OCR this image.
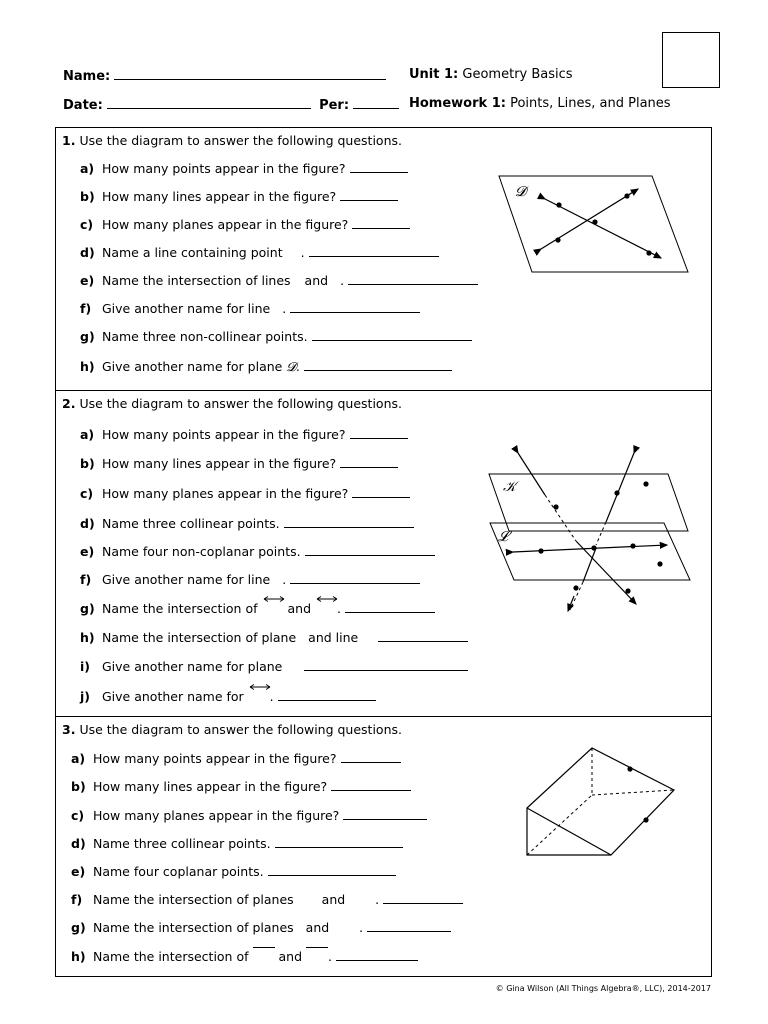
Name:
Date:	Per:
Unit 1: Geometry Basics
Homework 1: Points, Lines, and Planes
1. Use the diagram to answer the following questions.
a) How many points appear in the figure?
b) How many lines appear in the figure?
c) How many planes appear in the figure?
d) Name a line containing point .
e) Name the intersection of lines and .
f) Give another name for line .
g) Name three non-collinear points.
h) Give another name for plane 𝓓.
𝓓
2. Use the diagram to answer the following questions.
a) How many points appear in the figure?
b) How many lines appear in the figure?
c) How many planes appear in the figure?
d) Name three collinear points.
e) Name four non-coplanar points.
f) Give another name for line .
g) Name the intersection of and .
h) Name the intersection of plane and line
i) Give another name for plane
j) Give another name for .
𝒦
𝓛
3. Use the diagram to answer the following questions.
a) How many points appear in the figure?
b) How many lines appear in the figure?
c) How many planes appear in the figure?
d) Name three collinear points.
e) Name four coplanar points.
f) Name the intersection of planes and .
g) Name the intersection of planes and .
h) Name the intersection of and .
© Gina Wilson (All Things Algebra®, LLC), 2014-2017
